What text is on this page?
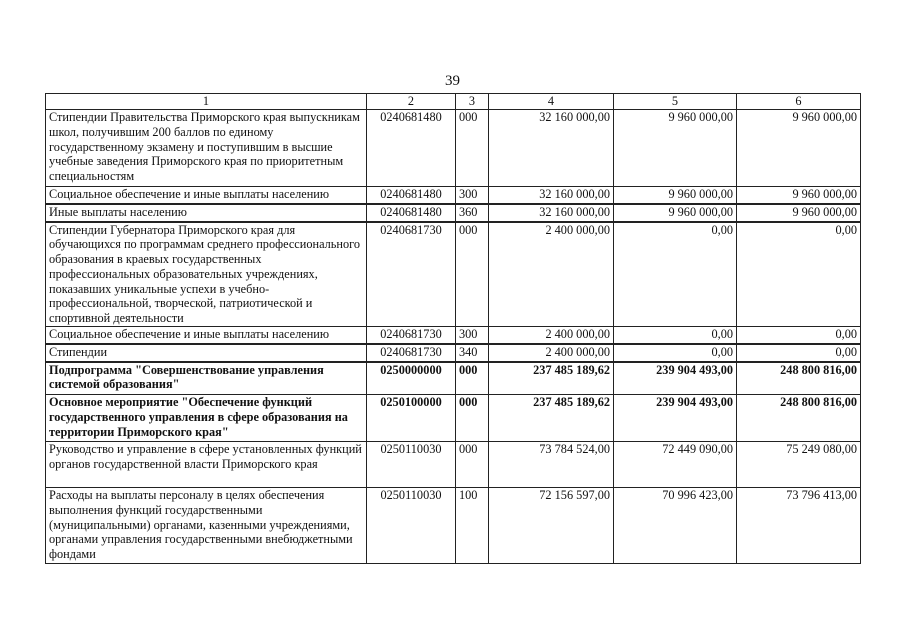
39
1	2	3	4	5	6
Стипендии Правительства Приморского края выпускникам школ, получившим 200 баллов по единому государственному экзамену и поступившим в высшие учебные заведения Приморского края по приоритетным специальностям	0240681480	000	32 160 000,00	9 960 000,00	9 960 000,00
Социальное обеспечение и иные выплаты населению	0240681480	300	32 160 000,00	9 960 000,00	9 960 000,00
Иные выплаты населению	0240681480	360	32 160 000,00	9 960 000,00	9 960 000,00
Стипендии Губернатора Приморского края для обучающихся по программам среднего профессионального образования в краевых государственных профессиональных образовательных учреждениях, показавших уникальные успехи в учебно-профессиональной, творческой, патриотической и спортивной деятельности	0240681730	000	2 400 000,00	0,00	0,00
Социальное обеспечение и иные выплаты населению	0240681730	300	2 400 000,00	0,00	0,00
Стипендии	0240681730	340	2 400 000,00	0,00	0,00
Подпрограмма "Совершенствование управления системой образования"	0250000000	000	237 485 189,62	239 904 493,00	248 800 816,00
Основное мероприятие "Обеспечение функций государственного управления в сфере образования на территории Приморского края"	0250100000	000	237 485 189,62	239 904 493,00	248 800 816,00
Руководство и управление в сфере установленных функций органов государственной власти Приморского края	0250110030	000	73 784 524,00	72 449 090,00	75 249 080,00
Расходы на выплаты персоналу в целях обеспечения выполнения функций государственными (муниципальными) органами, казенными учреждениями, органами управления государственными внебюджетными фондами	0250110030	100	72 156 597,00	70 996 423,00	73 796 413,00
